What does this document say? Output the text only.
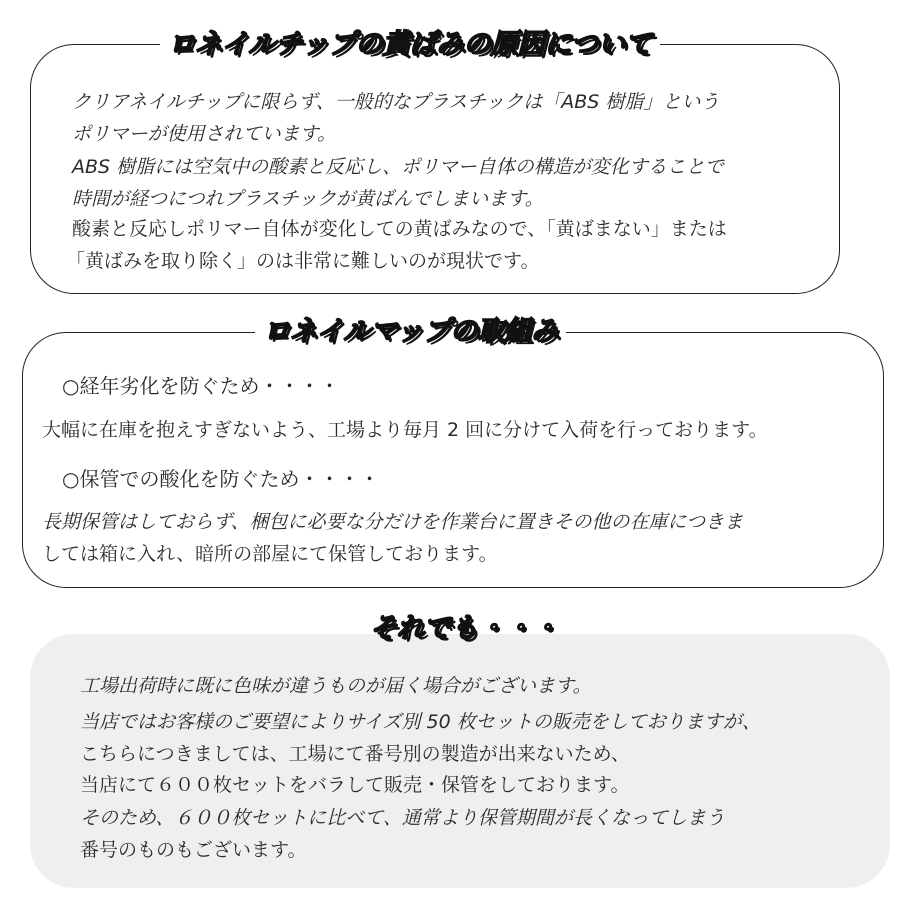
ロネイルチップの黄ばみの原因について

クリアネイルチップに限らず、一般的なプラスチックは「ABS 樹脂」という

ポリマーが使用されています。

ABS 樹脂には空気中の酸素と反応し、ポリマー自体の構造が変化することで

時間が経つにつれプラスチックが黄ばんでしまいます。

酸素と反応しポリマー自体が変化しての黄ばみなので、「黄ばまない」または

「黄ばみを取り除く」のは非常に難しいのが現状です。

ロネイルマップの取組み

○経年劣化を防ぐため・・・・

大幅に在庫を抱えすぎないよう、工場より毎月 2 回に分けて入荷を行っております。

○保管での酸化を防ぐため・・・・

長期保管はしておらず、梱包に必要な分だけを作業台に置きその他の在庫につきま

しては箱に入れ、暗所の部屋にて保管しております。

それでも・・・

工場出荷時に既に色味が違うものが届く場合がございます。

当店ではお客様のご要望によりサイズ別 50 枚セットの販売をしておりますが、

こちらにつきましては、工場にて番号別の製造が出来ないため、

当店にて６００枚セットをバラして販売・保管をしております。

そのため、６００枚セットに比べて、通常より保管期間が長くなってしまう

番号のものもございます。
